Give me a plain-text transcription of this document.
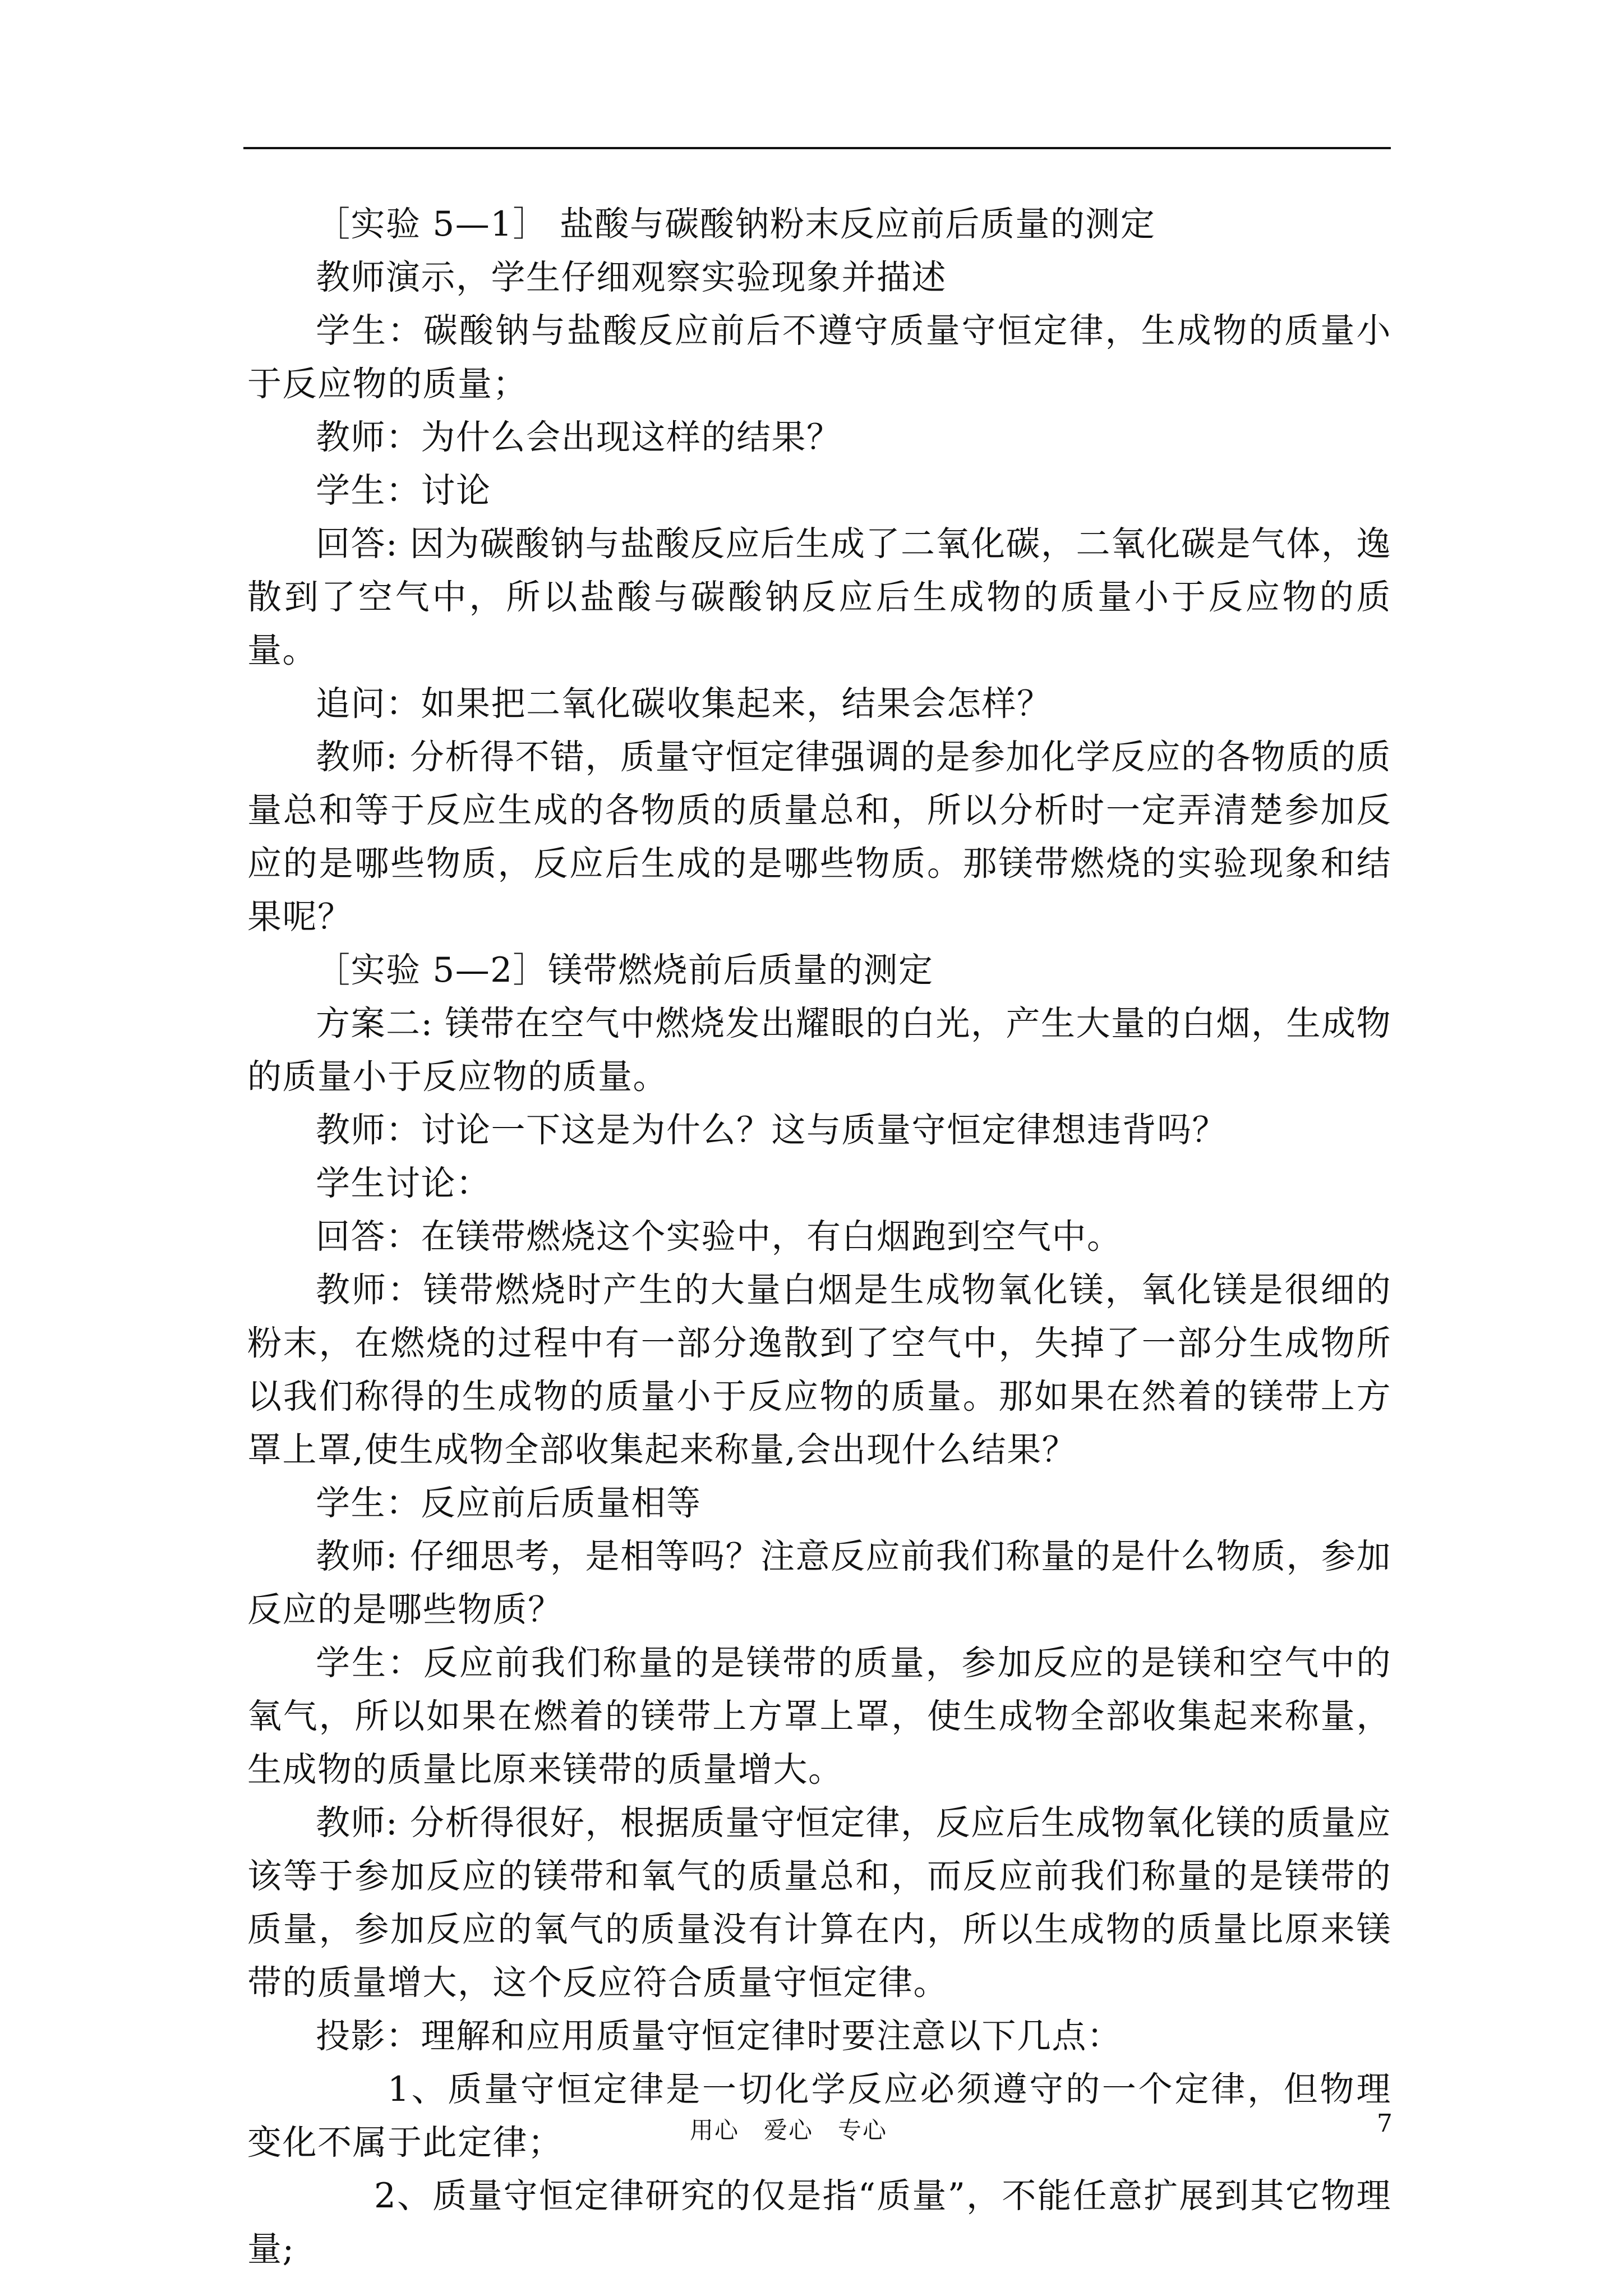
［实验 5—1］ 盐酸与碳酸钠粉末反应前后质量的测定

教师演示，学生仔细观察实验现象并描述

学生：碳酸钠与盐酸反应前后不遵守质量守恒定律，生成物的质量小于反应物的质量；

教师：为什么会出现这样的结果？

学生：讨论

回答: 因为碳酸钠与盐酸反应后生成了二氧化碳，二氧化碳是气体，逸散到了空气中，所以盐酸与碳酸钠反应后生成物的质量小于反应物的质量。

追问：如果把二氧化碳收集起来，结果会怎样？

教师: 分析得不错，质量守恒定律强调的是参加化学反应的各物质的质量总和等于反应生成的各物质的质量总和，所以分析时一定弄清楚参加反应的是哪些物质，反应后生成的是哪些物质。那镁带燃烧的实验现象和结果呢？

［实验 5—2］镁带燃烧前后质量的测定

方案二: 镁带在空气中燃烧发出耀眼的白光，产生大量的白烟，生成物的质量小于反应物的质量。

教师：讨论一下这是为什么？这与质量守恒定律想违背吗？

学生讨论：

回答：在镁带燃烧这个实验中，有白烟跑到空气中。

教师：镁带燃烧时产生的大量白烟是生成物氧化镁，氧化镁是很细的粉末，在燃烧的过程中有一部分逸散到了空气中，失掉了一部分生成物所以我们称得的生成物的质量小于反应物的质量。那如果在然着的镁带上方罩上罩,使生成物全部收集起来称量,会出现什么结果？

学生：反应前后质量相等

教师: 仔细思考，是相等吗？注意反应前我们称量的是什么物质，参加反应的是哪些物质？

学生：反应前我们称量的是镁带的质量，参加反应的是镁和空气中的氧气，所以如果在燃着的镁带上方罩上罩，使生成物全部收集起来称量，生成物的质量比原来镁带的质量增大。

教师: 分析得很好，根据质量守恒定律，反应后生成物氧化镁的质量应该等于参加反应的镁带和氧气的质量总和，而反应前我们称量的是镁带的质量，参加反应的氧气的质量没有计算在内，所以生成物的质量比原来镁带的质量增大，这个反应符合质量守恒定律。

投影：理解和应用质量守恒定律时要注意以下几点：

1、质量守恒定律是一切化学反应必须遵守的一个定律，但物理变化不属于此定律；

2、质量守恒定律研究的仅是指“质量”，不能任意扩展到其它物理量;

用心　爱心　专心	7
